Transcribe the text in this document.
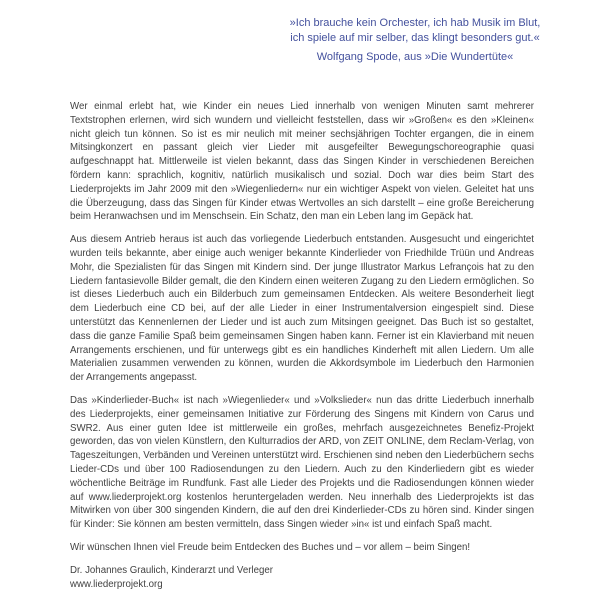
»Ich brauche kein Orchester, ich hab Musik im Blut,
ich spiele auf mir selber, das klingt besonders gut.«
Wolfgang Spode, aus »Die Wundertüte«

Wer einmal erlebt hat, wie Kinder ein neues Lied innerhalb von wenigen Minuten samt mehrerer Textstrophen erlernen, wird sich wundern und vielleicht feststellen, dass wir »Großen« es den »Kleinen« nicht gleich tun können. So ist es mir neulich mit meiner sechsjährigen Tochter ergangen, die in einem Mitsingkonzert en passant gleich vier Lieder mit ausgefeilter Bewegungschoreographie quasi aufgeschnappt hat. Mittlerweile ist vielen bekannt, dass das Singen Kinder in verschiedenen Bereichen fördern kann: sprachlich, kognitiv, natürlich musikalisch und sozial. Doch war dies beim Start des Liederprojekts im Jahr 2009 mit den »Wiegenliedern« nur ein wichtiger Aspekt von vielen. Geleitet hat uns die Überzeugung, dass das Singen für Kinder etwas Wertvolles an sich darstellt – eine große Bereicherung beim Heranwachsen und im Menschsein. Ein Schatz, den man ein Leben lang im Gepäck hat.

Aus diesem Antrieb heraus ist auch das vorliegende Liederbuch entstanden. Ausgesucht und eingerichtet wurden teils bekannte, aber einige auch weniger bekannte Kinderlieder von Friedhilde Trüün und Andreas Mohr, die Spezialisten für das Singen mit Kindern sind. Der junge Illustrator Markus Lefrançois hat zu den Liedern fantasievolle Bilder gemalt, die den Kindern einen weiteren Zugang zu den Liedern ermöglichen. So ist dieses Liederbuch auch ein Bilderbuch zum gemeinsamen Entdecken. Als weitere Besonderheit liegt dem Liederbuch eine CD bei, auf der alle Lieder in einer Instrumentalversion eingespielt sind. Diese unterstützt das Kennenlernen der Lieder und ist auch zum Mitsingen geeignet. Das Buch ist so gestaltet, dass die ganze Familie Spaß beim gemeinsamen Singen haben kann. Ferner ist ein Klavierband mit neuen Arrangements erschienen, und für unterwegs gibt es ein handliches Kinderheft mit allen Liedern. Um alle Materialien zusammen verwenden zu können, wurden die Akkordsymbole im Liederbuch den Harmonien der Arrangements angepasst.

Das »Kinderlieder-Buch« ist nach »Wiegenlieder« und »Volkslieder« nun das dritte Liederbuch innerhalb des Liederprojekts, einer gemeinsamen Initiative zur Förderung des Singens mit Kindern von Carus und SWR2. Aus einer guten Idee ist mittlerweile ein großes, mehrfach ausgezeichnetes Benefiz-Projekt geworden, das von vielen Künstlern, den Kulturradios der ARD, von ZEIT ONLINE, dem Reclam-Verlag, von Tageszeitungen, Verbänden und Vereinen unterstützt wird. Erschienen sind neben den Liederbüchern sechs Lieder-CDs und über 100 Radiosendungen zu den Liedern. Auch zu den Kinderliedern gibt es wieder wöchentliche Beiträge im Rundfunk. Fast alle Lieder des Projekts und die Radiosendungen können wieder auf www.liederprojekt.org kostenlos heruntergeladen werden. Neu innerhalb des Liederprojekts ist das Mitwirken von über 300 singenden Kindern, die auf den drei Kinderlieder-CDs zu hören sind. Kinder singen für Kinder: Sie können am besten vermitteln, dass Singen wieder »in« ist und einfach Spaß macht.

Wir wünschen Ihnen viel Freude beim Entdecken des Buches und – vor allem – beim Singen!

Dr. Johannes Graulich, Kinderarzt und Verleger
www.liederprojekt.org
